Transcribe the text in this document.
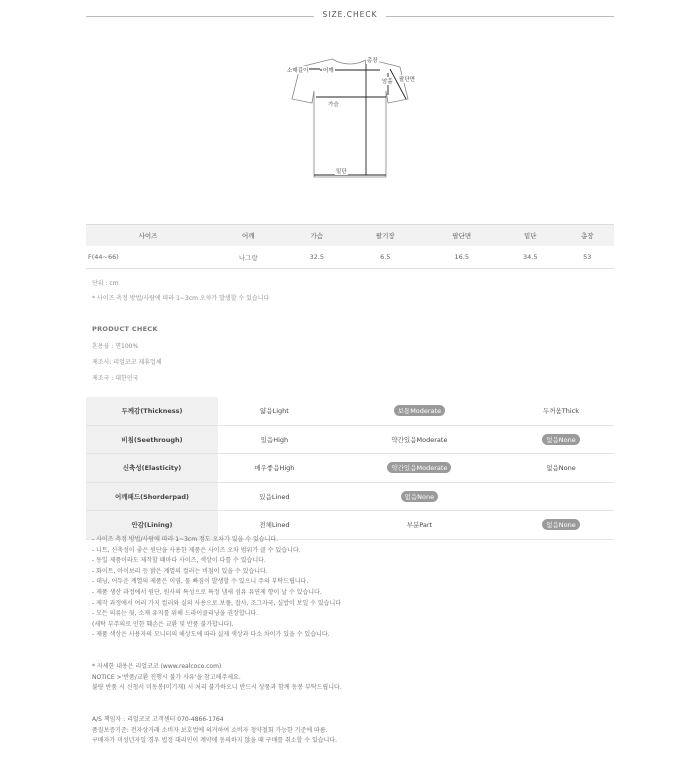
SIZE.CHECK
소매길이	어깨
총장
암홀 팔단면
가슴
밑단
사이즈	어깨	가슴	팔기장	팔단면	밑단	총장
F(44~66)	나그랑	32.5	6.5	16.5	34.5	53
단위 : cm
* 사이즈 측정 방법/사람에 따라 1~3cm 오차가 발생할 수 있습니다
PRODUCT CHECK
혼용율 : 면100%
제조사: 리얼코코 제휴업체
제조국 : 대한민국
두께감(Thickness)	얇음Light	보통Moderate	두꺼움Thick
비침(Seethrough)	있음High	약간있음Moderate	없음None
신축성(Elasticity)	매우좋음High	약간있음Moderate	없음None
어깨패드(Shorderpad)	있음Lined	없음None	
안감(Lining)	전체Lined	부분Part	없음None
- 사이즈 측정 방법/사람에 따라 1~3cm 정도 오차가 있을 수 있습니다.
- 니트, 신축성이 좋은 원단을 사용한 제품은 사이즈 오차 범위가 클 수 있습니다.
- 동일 제품이라도 제작할 때마다 사이즈, 색상이 다를 수 있습니다.
- 화이트, 아이보리 등 밝은 계열의 컬러는 비침이 있을 수 있습니다.
- 데님, 어두운 계열의 제품은 이염, 물 빠짐이 발생할 수 있으니 주의 부탁드립니다.
- 제품 생산 과정에서 원단, 원사의 특성으로 특정 냄새 섬유 유연제 향이 날 수 있습니다.
- 제작 과정에서 여러 가지 컬러와 실의 사용으로 보풀, 잡사, 조그자국, 실밥이 보일 수 있습니다
- 모든 의류는 뒷, 소재 유지를 위해 드라이클리닝을 권장합니다.
(세탁 부주의로 인한 훼손은 교환 및 반품 불가합니다).
- 제품 색상은 사용자의 모니터의 해상도에 따라 실제 색상과 다소 차이가 있을 수 있습니다.
* 자세한 내용은 리얼코코 (www.realcoco.com)
NOTICE >'반품/교환 진행시 불가 사유'을 참고해주세요.
불량 반품 시 신청서 미동봉(미기재) 시 처리 불가하오니 반드시 상품과 함께 동봉 부탁드립니다.
A/S 책임자 : 리얼코코 고객센터 070-4866-1764
품질보증기준: 전자상거래 소비자 보호법에 의거하여 소비자 청약철회 가능한 기준에 따름.
구매자가 미성년자일 경우 법정 대리인이 계약에 동의하지 않을 때 구매를 취소할 수 있습니다.
